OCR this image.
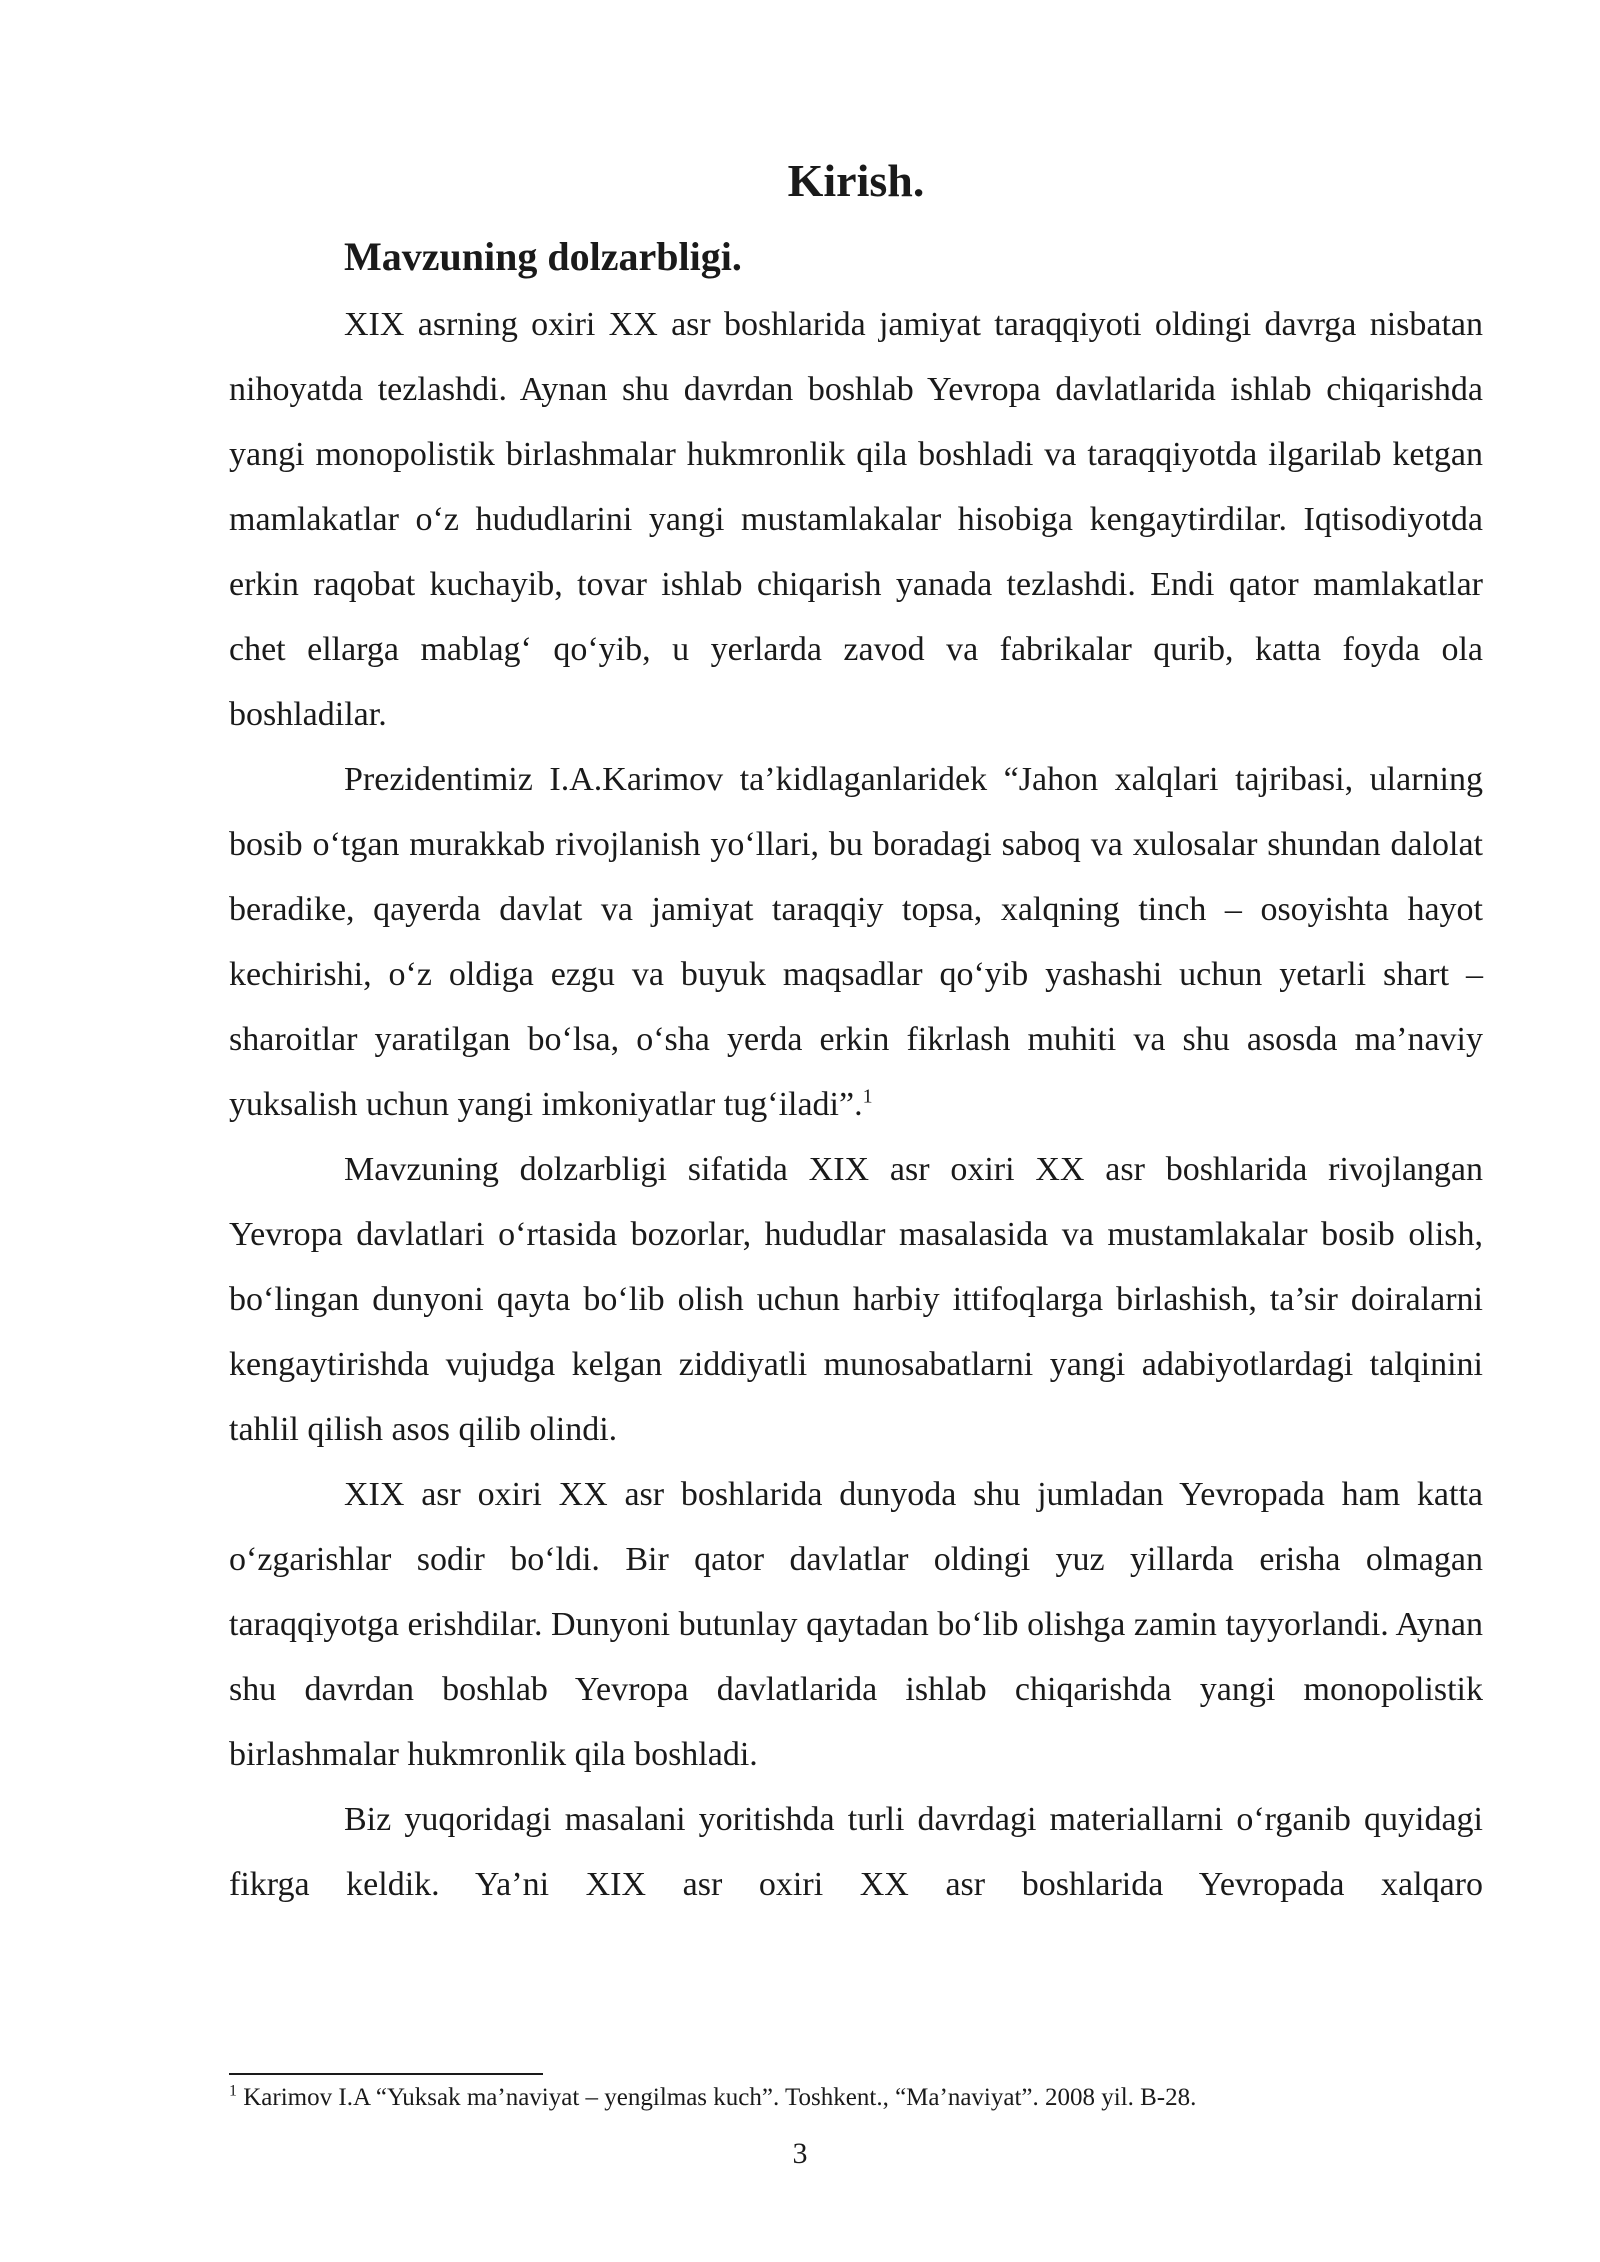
Kirish.
Mavzuning dolzarbligi.

XIX asrning oxiri XX asr boshlarida jamiyat taraqqiyoti oldingi davrga nisbatan nihoyatda tezlashdi. Aynan shu davrdan boshlab Yevropa davlatlarida ishlab chiqarishda yangi monopolistik birlashmalar hukmronlik qila boshladi va taraqqiyotda ilgarilab ketgan mamlakatlar o‘z hududlarini yangi mustamlakalar hisobiga kengaytirdilar. Iqtisodiyotda erkin raqobat kuchayib, tovar ishlab chiqarish yanada tezlashdi. Endi qator mamlakatlar chet ellarga mablag‘ qo‘yib, u yerlarda zavod va fabrikalar qurib, katta foyda ola boshladilar.

Prezidentimiz I.A.Karimov ta’kidlaganlaridek “Jahon xalqlari tajribasi, ularning bosib o‘tgan murakkab rivojlanish yo‘llari, bu boradagi saboq va xulosalar shundan dalolat beradike, qayerda davlat va jamiyat taraqqiy topsa, xalqning tinch – osoyishta hayot kechirishi, o‘z oldiga ezgu va buyuk maqsadlar qo‘yib yashashi uchun yetarli shart – sharoitlar yaratilgan bo‘lsa, o‘sha yerda erkin fikrlash muhiti va shu asosda ma’naviy yuksalish uchun yangi imkoniyatlar tug‘iladi”.$^1$

Mavzuning dolzarbligi sifatida XIX asr oxiri XX asr boshlarida rivojlangan Yevropa davlatlari o‘rtasida bozorlar, hududlar masalasida va mustamlakalar bosib olish, bo‘lingan dunyoni qayta bo‘lib olish uchun harbiy ittifoqlarga birlashish, ta’sir doiralarni kengaytirishda vujudga kelgan ziddiyatli munosabatlarni yangi adabiyotlardagi talqinini tahlil qilish asos qilib olindi.

XIX asr oxiri XX asr boshlarida dunyoda shu jumladan Yevropada ham katta o‘zgarishlar sodir bo‘ldi. Bir qator davlatlar oldingi yuz yillarda erisha olmagan taraqqiyotga erishdilar. Dunyoni butunlay qaytadan bo‘lib olishga zamin tayyorlandi. Aynan shu davrdan boshlab Yevropa davlatlarida ishlab chiqarishda yangi monopolistik birlashmalar hukmronlik qila boshladi.

Biz yuqoridagi masalani yoritishda turli davrdagi materiallarni o‘rganib quyidagi fikrga keldik. Ya’ni XIX asr oxiri XX asr boshlarida Yevropada xalqaro

$^1$ Karimov I.A “Yuksak ma’naviyat – yengilmas kuch”. Toshkent., “Ma’naviyat”. 2008 yil. B-28.
3
